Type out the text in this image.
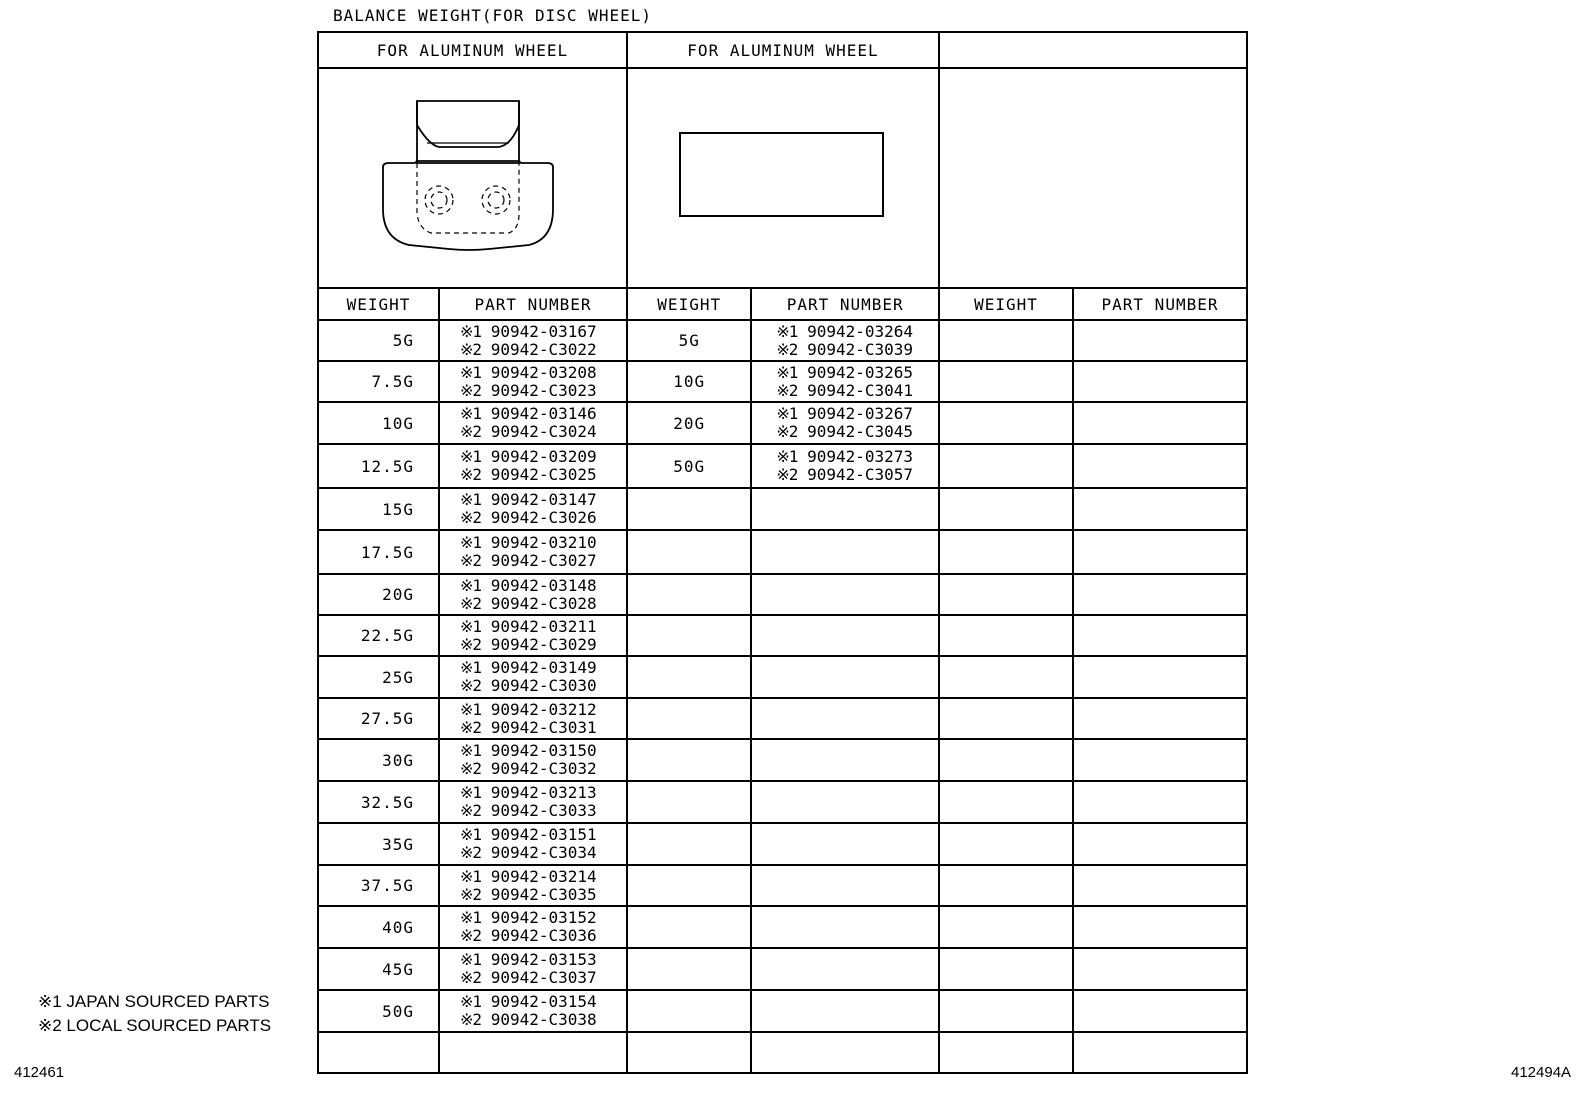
BALANCE WEIGHT(FOR DISC WHEEL)
FOR ALUMINUM WHEEL		FOR ALUMINUM WHEEL			

WEIGHT	PART NUMBER	WEIGHT	PART NUMBER	WEIGHT	PART NUMBER
5G	※1 90942-03167
※2 90942-C3022	5G	※1 90942-03264
※2 90942-C3039		

7.5G	※1 90942-03208
※2 90942-C3023	10G	※1 90942-03265
※2 90942-C3041		

10G	※1 90942-03146
※2 90942-C3024	20G	※1 90942-03267
※2 90942-C3045		

12.5G	※1 90942-03209
※2 90942-C3025	50G	※1 90942-03273
※2 90942-C3057		

15G	※1 90942-03147
※2 90942-C3026				

17.5G	※1 90942-03210
※2 90942-C3027				

20G	※1 90942-03148
※2 90942-C3028				

22.5G	※1 90942-03211
※2 90942-C3029				

25G	※1 90942-03149
※2 90942-C3030				

27.5G	※1 90942-03212
※2 90942-C3031				

30G	※1 90942-03150
※2 90942-C3032				

32.5G	※1 90942-03213
※2 90942-C3033				

35G	※1 90942-03151
※2 90942-C3034				

37.5G	※1 90942-03214
※2 90942-C3035				

40G	※1 90942-03152
※2 90942-C3036				

45G	※1 90942-03153
※2 90942-C3037				

50G	※1 90942-03154
※2 90942-C3038				

※1 JAPAN SOURCED PARTS
※2 LOCAL SOURCED PARTS
412461	412494A
